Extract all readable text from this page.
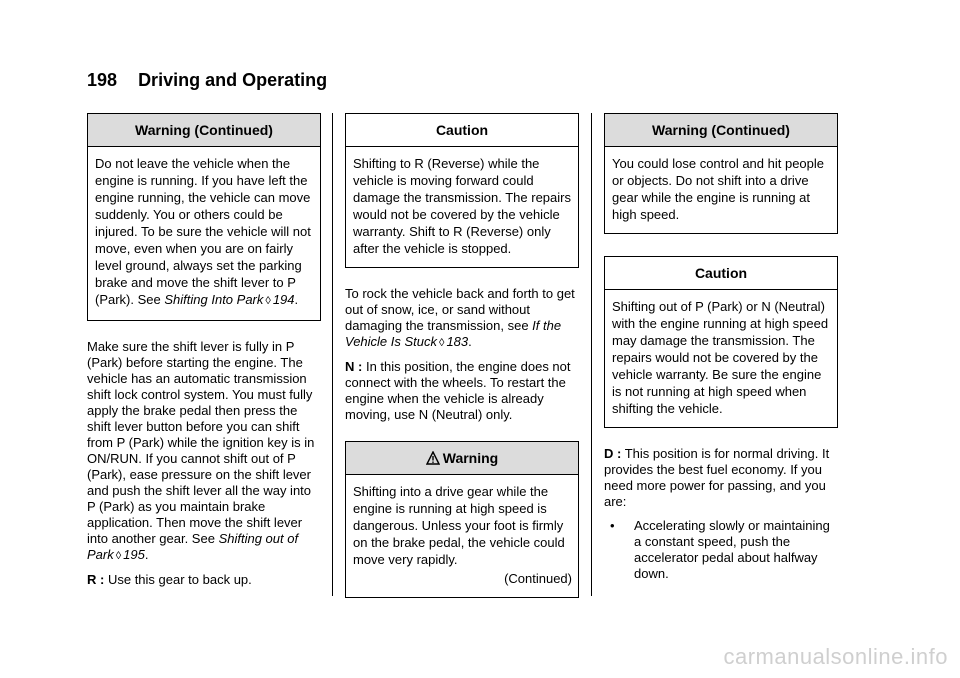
198 Driving and Operating
Warning (Continued)
Do not leave the vehicle when the engine is running. If you have left the engine running, the vehicle can move suddenly. You or others could be injured. To be sure the vehicle will not move, even when you are on fairly level ground, always set the parking brake and move the shift lever to P (Park). See Shifting Into Park ◊ 194.

Make sure the shift lever is fully in P (Park) before starting the engine. The vehicle has an automatic transmission shift lock control system. You must fully apply the brake pedal then press the shift lever button before you can shift from P (Park) while the ignition key is in ON/RUN. If you cannot shift out of P (Park), ease pressure on the shift lever and push the shift lever all the way into P (Park) as you maintain brake application. Then move the shift lever into another gear. See Shifting out of Park ◊ 195.

R : Use this gear to back up.

Caution
Shifting to R (Reverse) while the vehicle is moving forward could damage the transmission. The repairs would not be covered by the vehicle warranty. Shift to R (Reverse) only after the vehicle is stopped.

To rock the vehicle back and forth to get out of snow, ice, or sand without damaging the transmission, see If the Vehicle Is Stuck ◊ 183.

N : In this position, the engine does not connect with the wheels. To restart the engine when the vehicle is already moving, use N (Neutral) only.

Warning
Shifting into a drive gear while the engine is running at high speed is dangerous. Unless your foot is firmly on the brake pedal, the vehicle could move very rapidly.
(Continued)
Warning (Continued)
You could lose control and hit people or objects. Do not shift into a drive gear while the engine is running at high speed.
Caution
Shifting out of P (Park) or N (Neutral) with the engine running at high speed may damage the transmission. The repairs would not be covered by the vehicle warranty. Be sure the engine is not running at high speed when shifting the vehicle.

D : This position is for normal driving. It provides the best fuel economy. If you need more power for passing, and you are:

•	Accelerating slowly or maintaining a constant speed, push the accelerator pedal about halfway down.
carmanualsonline.info
